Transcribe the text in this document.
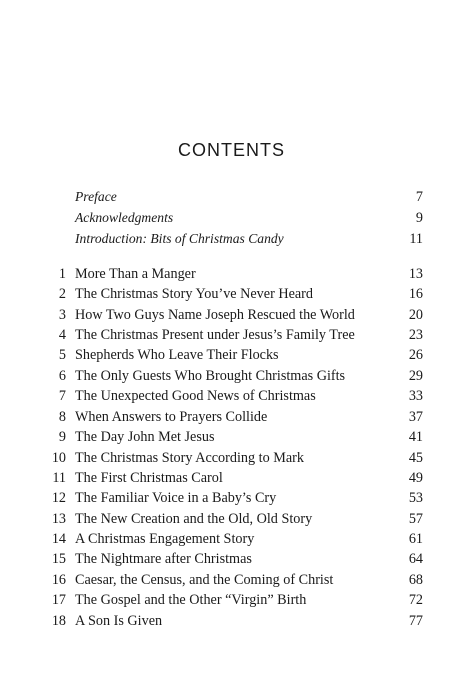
CONTENTS
Preface	7
Acknowledgments	9
Introduction: Bits of Christmas Candy	11
1 More Than a Manger	13
2 The Christmas Story You’ve Never Heard	16
3 How Two Guys Name Joseph Rescued the World	20
4 The Christmas Present under Jesus’s Family Tree	23
5 Shepherds Who Leave Their Flocks	26
6 The Only Guests Who Brought Christmas Gifts	29
7 The Unexpected Good News of Christmas	33
8 When Answers to Prayers Collide	37
9 The Day John Met Jesus	41
10 The Christmas Story According to Mark	45
11 The First Christmas Carol	49
12 The Familiar Voice in a Baby’s Cry	53
13 The New Creation and the Old, Old Story	57
14 A Christmas Engagement Story	61
15 The Nightmare after Christmas	64
16 Caesar, the Census, and the Coming of Christ	68
17 The Gospel and the Other “Virgin” Birth	72
18 A Son Is Given	77
